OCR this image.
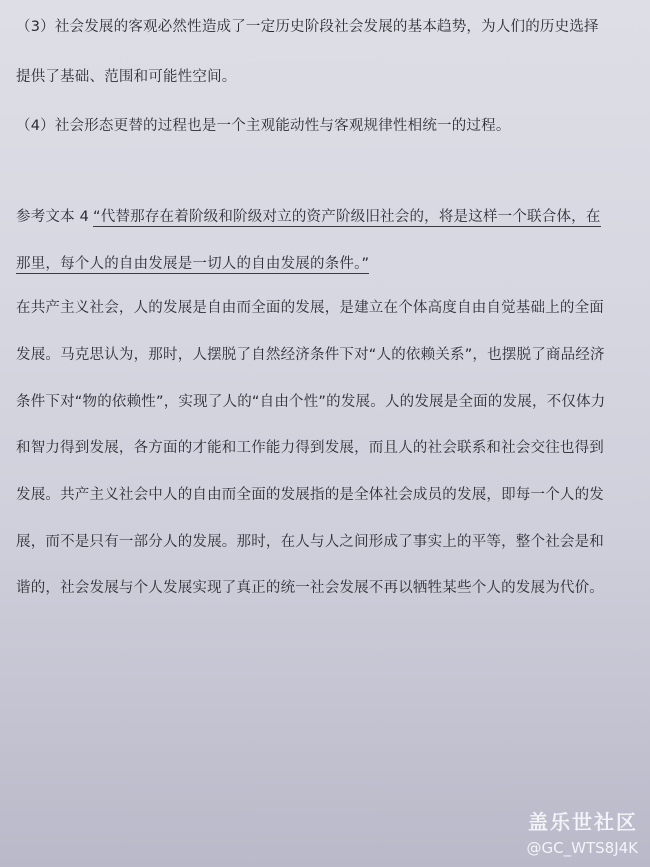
（3）社会发展的客观必然性造成了一定历史阶段社会发展的基本趋势，为人们的历史选择
提供了基础、范围和可能性空间。
（4）社会形态更替的过程也是一个主观能动性与客观规律性相统一的过程。
参考文本 4 “代替那存在着阶级和阶级对立的资产阶级旧社会的，将是这样一个联合体，在
那里，每个人的自由发展是一切人的自由发展的条件。”
在共产主义社会，人的发展是自由而全面的发展，是建立在个体高度自由自觉基础上的全面
发展。马克思认为，那时，人摆脱了自然经济条件下对“人的依赖关系”，也摆脱了商品经济
条件下对“物的依赖性”，实现了人的“自由个性”的发展。人的发展是全面的发展，不仅体力
和智力得到发展，各方面的才能和工作能力得到发展，而且人的社会联系和社会交往也得到
发展。共产主义社会中人的自由而全面的发展指的是全体社会成员的发展，即每一个人的发
展，而不是只有一部分人的发展。那时，在人与人之间形成了事实上的平等，整个社会是和
谐的，社会发展与个人发展实现了真正的统一社会发展不再以牺牲某些个人的发展为代价。
盖乐世社区
@GC_WTS8J4K
